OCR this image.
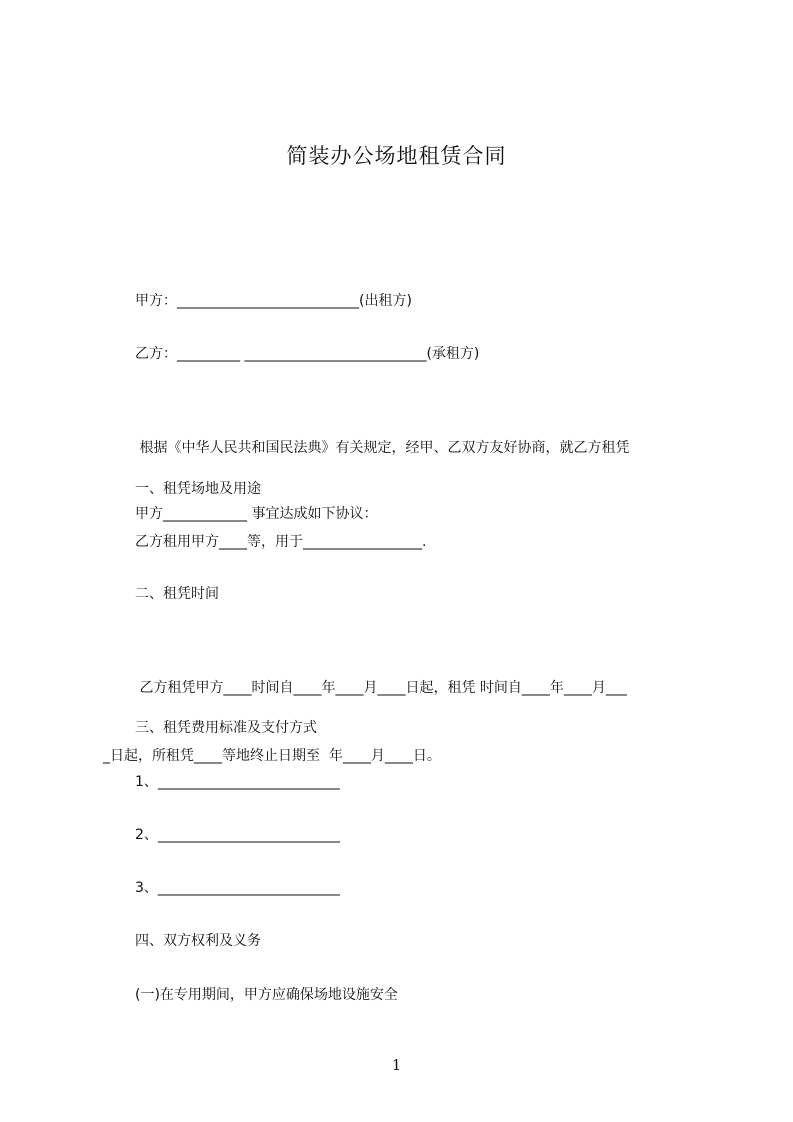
简装办公场地租赁合同
甲方：__________________________(出租方)
乙方：_________ __________________________(承租方)

根据《中华人民共和国民法典》有关规定，经甲、乙双方友好协商，就乙方租凭

甲方____________ 事宜达成如下协议：

一、租凭场地及用途
乙方租用甲方____等，用于_________________.
二、租凭时间

乙方租凭甲方____时间自____年____月____日起，租凭 时间自____年____月___

_日起，所租凭____等地终止日期至  年____月____日。

三、租凭费用标准及支付方式
1、__________________________
2、__________________________
3、__________________________
四、双方权利及义务
(一)在专用期间，甲方应确保场地设施安全
1
